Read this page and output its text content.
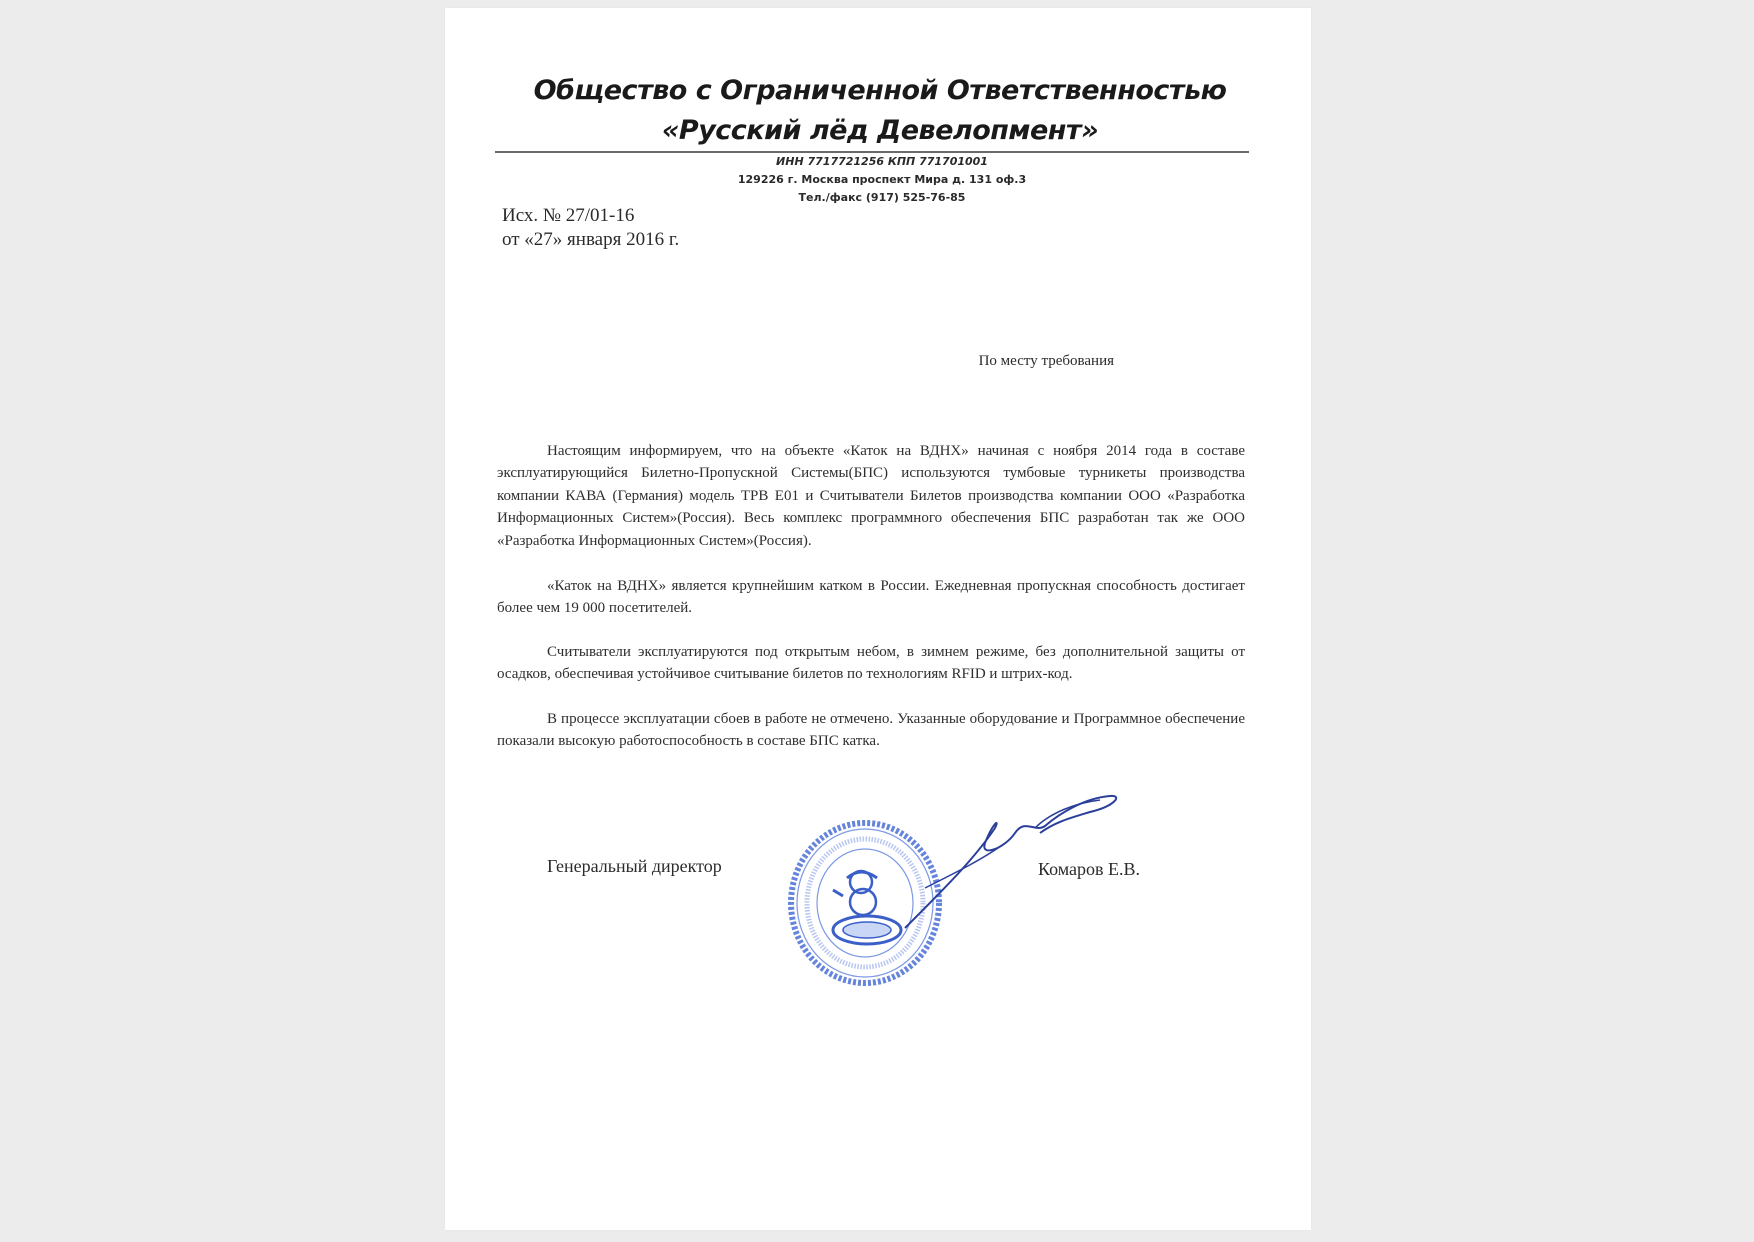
Общество с Ограниченной Ответственностью
«Русский лёд Девелопмент»
ИНН 7717721256 КПП 771701001
129226 г. Москва проспект Мира д. 131 оф.3
Тел./факс (917) 525-76-85
Исх. № 27/01-16
от «27» января 2016 г.
По месту требования

Настоящим информируем, что на объекте «Каток на ВДНХ» начиная с ноября 2014 года в составе эксплуатирующийся Билетно-Пропускной Системы(БПС) используются тумбовые турникеты производства компании КАВА (Германия) модель ТРВ Е01 и Считыватели Билетов производства компании ООО «Разработка Информационных Систем»(Россия). Весь комплекс программного обеспечения БПС разработан так же ООО «Разработка Информационных Систем»(Россия).

«Каток на ВДНХ» является крупнейшим катком в России. Ежедневная пропускная способность достигает более чем 19 000 посетителей.

Считыватели эксплуатируются под открытым небом, в зимнем режиме, без дополнительной защиты от осадков, обеспечивая устойчивое считывание билетов по технологиям RFID и штрих-код.

В процессе эксплуатации сбоев в работе не отмечено. Указанные оборудование и Программное обеспечение показали высокую работоспособность в составе БПС катка.

Генеральный директор	Комаров Е.В.
